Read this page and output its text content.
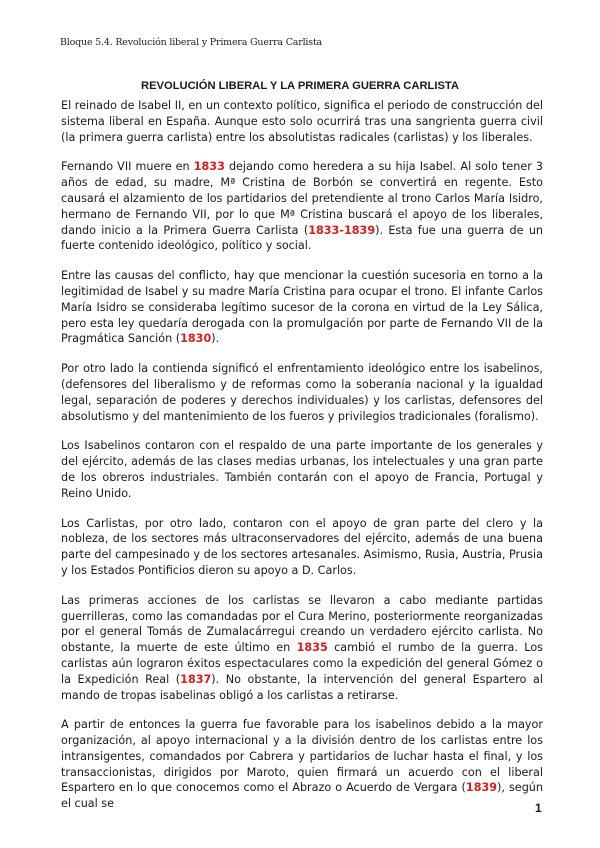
Bloque 5.4. Revolución liberal y Primera Guerra Carlista
REVOLUCIÓN LIBERAL Y LA PRIMERA GUERRA CARLISTA

El reinado de Isabel II, en un contexto político, significa el periodo de construcción del sistema liberal en España. Aunque esto solo ocurrirá tras una sangrienta guerra civil (la primera guerra carlista) entre los absolutistas radicales (carlistas) y los liberales.

Fernando VII muere en 1833 dejando como heredera a su hija Isabel. Al solo tener 3 años de edad, su madre, Mª Cristina de Borbón se convertirá en regente. Esto causará el alzamiento de los partidarios del pretendiente al trono Carlos María Isidro, hermano de Fernando VII, por lo que Mª Cristina buscará el apoyo de los liberales, dando inicio a la Primera Guerra Carlista (1833-1839). Esta fue una guerra de un fuerte contenido ideológico, político y social.

Entre las causas del conflicto, hay que mencionar la cuestión sucesoria en torno a la legitimidad de Isabel y su madre María Cristina para ocupar el trono. El infante Carlos María Isidro se consideraba legítimo sucesor de la corona en virtud de la Ley Sálica, pero esta ley quedaría derogada con la promulgación por parte de Fernando VII de la Pragmática Sanción (1830).

Por otro lado la contienda significó el enfrentamiento ideológico entre los isabelinos, (defensores del liberalismo y de reformas como la soberanía nacional y la igualdad legal, separación de poderes y derechos individuales) y los carlistas, defensores del absolutismo y del mantenimiento de los fueros y privilegios tradicionales (foralismo).

Los Isabelinos contaron con el respaldo de una parte importante de los generales y del ejército, además de las clases medias urbanas, los intelectuales y una gran parte de los obreros industriales. También contarán con el apoyo de Francia, Portugal y Reino Unido.

Los Carlistas, por otro lado, contaron con el apoyo de gran parte del clero y la nobleza, de los sectores más ultraconservadores del ejército, además de una buena parte del campesinado y de los sectores artesanales. Asimismo, Rusia, Austria, Prusia y los Estados Pontificios dieron su apoyo a D. Carlos.

Las primeras acciones de los carlistas se llevaron a cabo mediante partidas guerrilleras, como las comandadas por el Cura Merino, posteriormente reorganizadas por el general Tomás de Zumalacárregui creando un verdadero ejército carlista. No obstante, la muerte de este último en 1835 cambió el rumbo de la guerra. Los carlistas aún lograron éxitos espectaculares como la expedición del general Gómez o la Expedición Real (1837). No obstante, la intervención del general Espartero al mando de tropas isabelinas obligó a los carlistas a retirarse.

A partir de entonces la guerra fue favorable para los isabelinos debido a la mayor organización, al apoyo internacional y a la división dentro de los carlistas entre los intransigentes, comandados por Cabrera y partidarios de luchar hasta el final, y los transaccionistas, dirigidos por Maroto, quien firmará un acuerdo con el liberal Espartero en lo que conocemos como el Abrazo o Acuerdo de Vergara (1839), según el cual se	1
